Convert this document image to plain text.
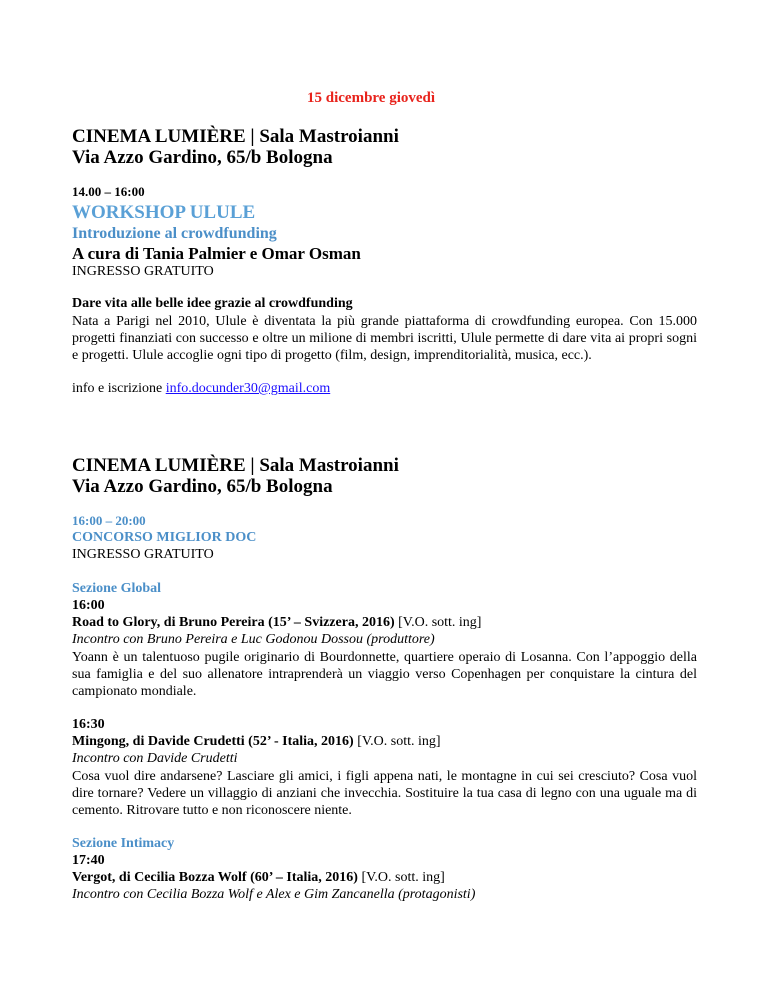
15 dicembre giovedì
CINEMA LUMIÈRE | Sala Mastroianni
Via Azzo Gardino, 65/b Bologna
14.00 – 16:00
WORKSHOP ULULE
Introduzione al crowdfunding
A cura di Tania Palmier e Omar Osman
INGRESSO GRATUITO
Dare vita alle belle idee grazie al crowdfunding
Nata a Parigi nel 2010, Ulule è diventata la più grande piattaforma di crowdfunding europea. Con 15.000 progetti finanziati con successo e oltre un milione di membri iscritti, Ulule permette di dare vita ai propri sogni e progetti. Ulule accoglie ogni tipo di progetto (film, design, imprenditorialità, musica, ecc.).
info e iscrizione info.docunder30@gmail.com
CINEMA LUMIÈRE | Sala Mastroianni
Via Azzo Gardino, 65/b Bologna
16:00 – 20:00
CONCORSO MIGLIOR DOC
INGRESSO GRATUITO
Sezione Global
16:00
Road to Glory, di Bruno Pereira (15’ – Svizzera, 2016) [V.O. sott. ing]
Incontro con Bruno Pereira e Luc Godonou Dossou (produttore)
Yoann è un talentuoso pugile originario di Bourdonnette, quartiere operaio di Losanna. Con l’appoggio della sua famiglia e del suo allenatore intraprenderà un viaggio verso Copenhagen per conquistare la cintura del campionato mondiale.
16:30
Mingong, di Davide Crudetti (52’ - Italia, 2016) [V.O. sott. ing]
Incontro con Davide Crudetti
Cosa vuol dire andarsene? Lasciare gli amici, i figli appena nati, le montagne in cui sei cresciuto? Cosa vuol dire tornare? Vedere un villaggio di anziani che invecchia. Sostituire la tua casa di legno con una uguale ma di cemento. Ritrovare tutto e non riconoscere niente.
Sezione Intimacy
17:40
Vergot, di Cecilia Bozza Wolf (60’ – Italia, 2016) [V.O. sott. ing]
Incontro con Cecilia Bozza Wolf e Alex e Gim Zancanella (protagonisti)
